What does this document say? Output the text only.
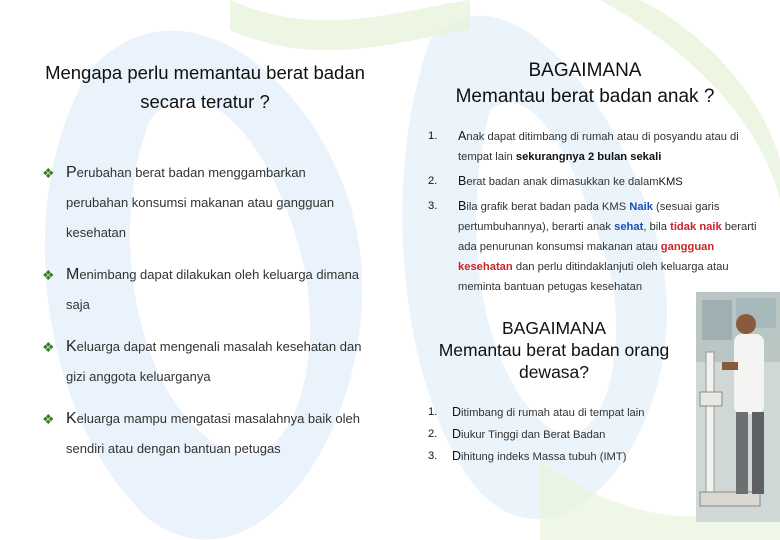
Mengapa perlu memantau berat badan secara teratur ?
BAGAIMANA
Memantau berat badan anak ?
❖ Perubahan berat badan menggambarkan perubahan konsumsi makanan atau gangguan kesehatan
❖ Menimbang dapat dilakukan oleh keluarga dimana saja
❖ Keluarga dapat mengenali masalah kesehatan dan gizi anggota keluarganya
❖ Keluarga mampu mengatasi masalahnya baik oleh sendiri atau dengan bantuan petugas
1. Anak dapat ditimbang di rumah atau di posyandu atau di tempat lain sekurangnya 2 bulan sekali
2. Berat badan anak dimasukkan ke dalamKMS
3. Bila grafik berat badan pada KMS Naik (sesuai garis pertumbuhannya), berarti anak sehat, bila tidak naik berarti ada penurunan konsumsi makanan atau gangguan kesehatan dan perlu ditindaklanjuti oleh keluarga atau meminta bantuan petugas kesehatan
BAGAIMANA
Memantau berat badan orang dewasa?
1. Ditimbang di rumah atau di tempat lain
2. Diukur Tinggi dan Berat Badan
3. Dihitung indeks Massa tubuh (IMT)
